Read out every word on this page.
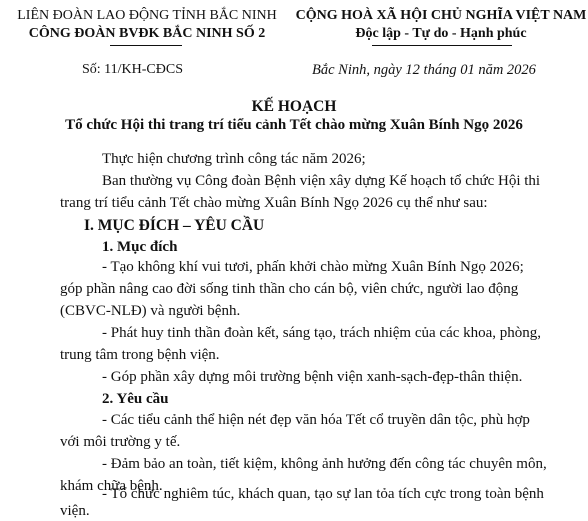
LIÊN ĐOÀN LAO ĐỘNG TỈNH BẮC NINH
CÔNG ĐOÀN BVĐK BẮC NINH SỐ 2
CỘNG HOÀ XÃ HỘI CHỦ NGHĨA VIỆT NAM
Độc lập - Tự do - Hạnh phúc
Số: 11/KH-CĐCS	Bắc Ninh, ngày 12 tháng 01 năm 2026
KẾ HOẠCH
Tổ chức Hội thi trang trí tiểu cảnh Tết chào mừng Xuân Bính Ngọ 2026
Thực hiện chương trình công tác năm 2026;
Ban thường vụ Công đoàn Bệnh viện xây dựng Kế hoạch tổ chức Hội thi
trang trí tiểu cảnh Tết chào mừng Xuân Bính Ngọ 2026 cụ thể như sau:
I. MỤC ĐÍCH – YÊU CẦU
1. Mục đích
- Tạo không khí vui tươi, phấn khởi chào mừng Xuân Bính Ngọ 2026;
góp phần nâng cao đời sống tinh thần cho cán bộ, viên chức, người lao động
(CBVC-NLĐ) và người bệnh.
- Phát huy tinh thần đoàn kết, sáng tạo, trách nhiệm của các khoa, phòng,
trung tâm trong bệnh viện.
- Góp phần xây dựng môi trường bệnh viện xanh-sạch-đẹp-thân thiện.
2. Yêu cầu
- Các tiểu cảnh thể hiện nét đẹp văn hóa Tết cổ truyền dân tộc, phù hợp
với môi trường y tế.
- Đảm bảo an toàn, tiết kiệm, không ảnh hưởng đến công tác chuyên môn,
khám chữa bệnh.
- Tổ chức nghiêm túc, khách quan, tạo sự lan tỏa tích cực trong toàn bệnh
viện.
